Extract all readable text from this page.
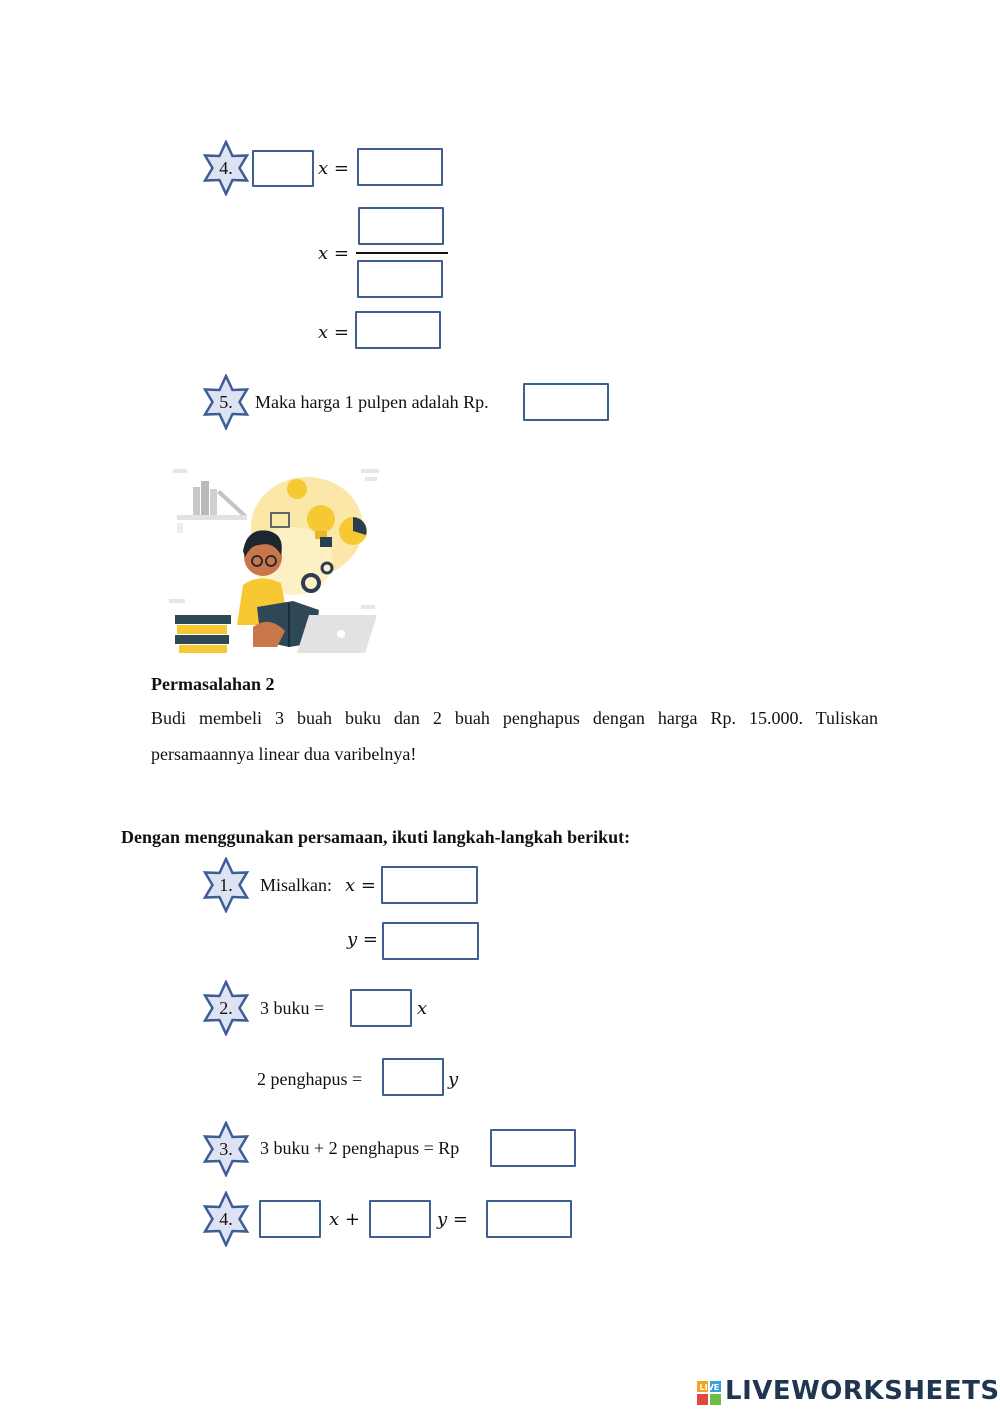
4.	x =
x =
x =
5.	Maka harga 1 pulpen adalah Rp.
Permasalahan 2
Budi membeli 3 buah buku dan 2 buah penghapus dengan harga Rp. 15.000. Tuliskan
persamaannya linear dua varibelnya!
Dengan menggunakan persamaan, ikuti langkah-langkah berikut:
1.	Misalkan: x =
y =
2.	3 buku =	x
2 penghapus =	y
3.	3 buku + 2 penghapus = Rp
4.	x +	y =
LIVE LIVEWORKSHEETS
